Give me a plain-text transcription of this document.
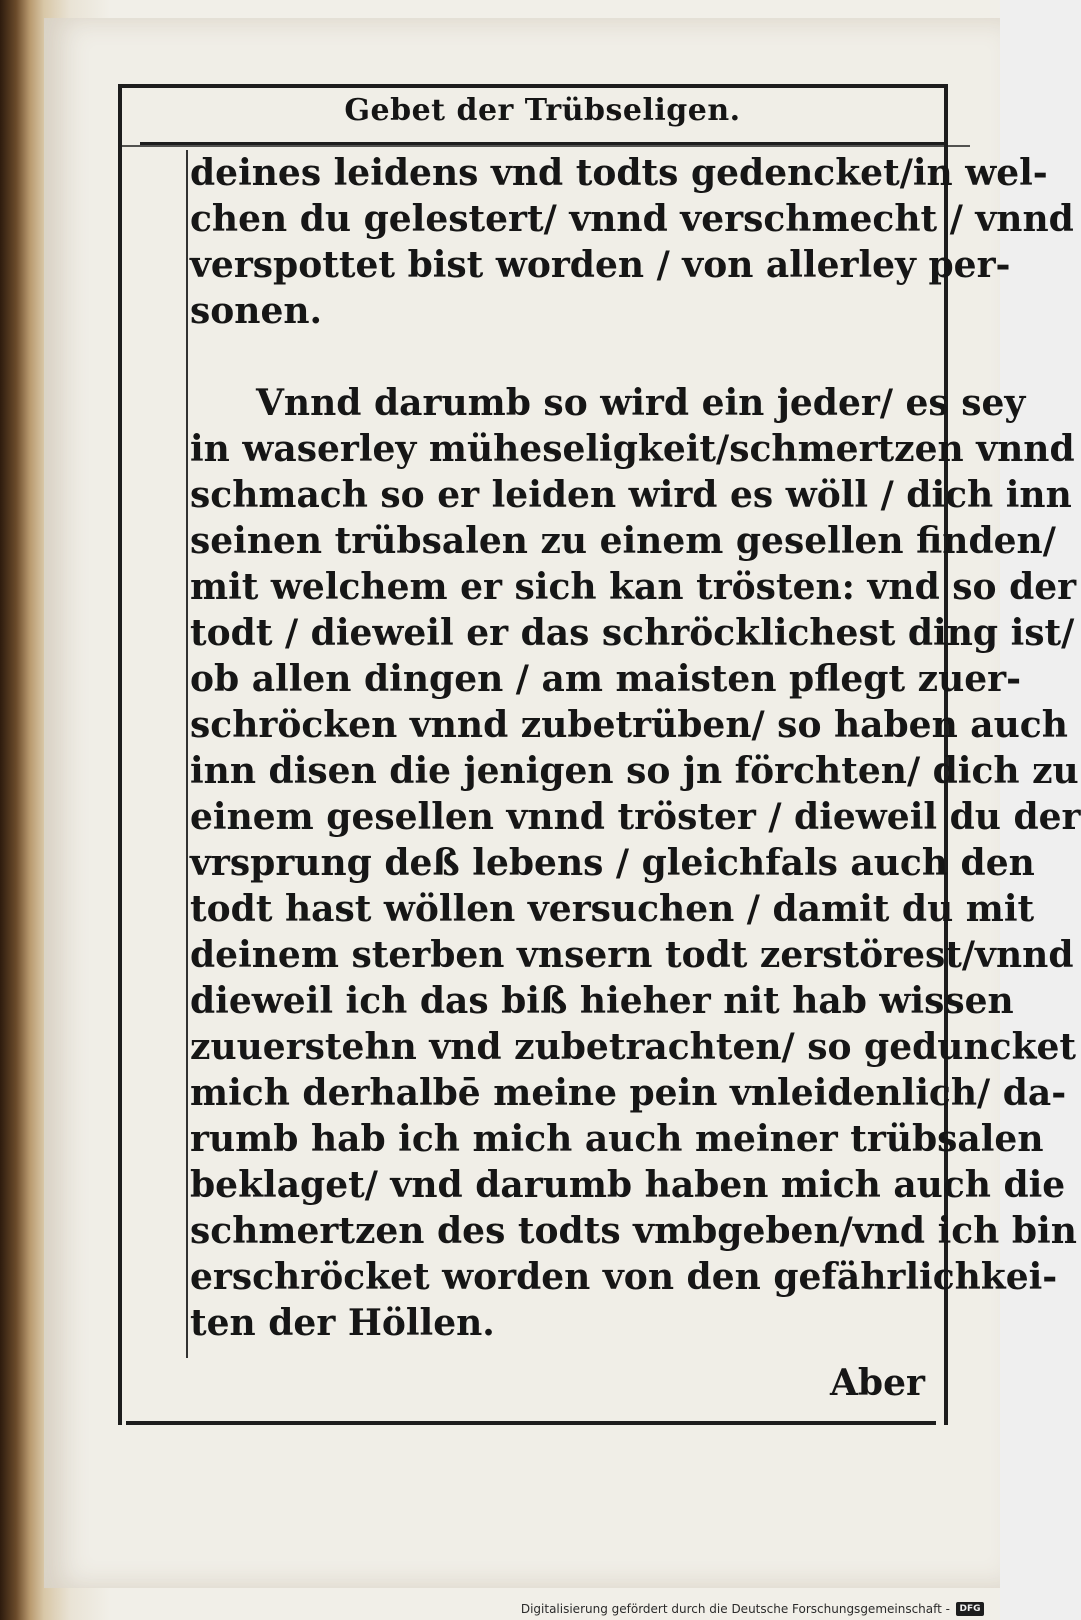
Gebet der Trübseligen.
deines leidens vnd todts gedencket/in wel-
chen du gelestert/ vnnd verschmecht / vnnd
verspottet bist worden / von allerley per-
sonen.
Vnnd darumb so wird ein jeder/ es sey
in waserley müheseligkeit/schmertzen vnnd
schmach so er leiden wird es wöll / dich inn
seinen trübsalen zu einem gesellen finden/
mit welchem er sich kan trösten: vnd so der
todt / dieweil er das schröcklichest ding ist/
ob allen dingen / am maisten pflegt zuer-
schröcken vnnd zubetrüben/ so haben auch
inn disen die jenigen so jn förchten/ dich zu
einem gesellen vnnd tröster / dieweil du der
vrsprung deß lebens / gleichfals auch den
todt hast wöllen versuchen / damit du mit
deinem sterben vnsern todt zerstörest/vnnd
dieweil ich das biß hieher nit hab wissen
zuuerstehn vnd zubetrachten/ so geduncket
mich derhalbē meine pein vnleidenlich/ da-
rumb hab ich mich auch meiner trübsalen
beklaget/ vnd darumb haben mich auch die
schmertzen des todts vmbgeben/vnd ich bin
erschröcket worden von den gefährlichkei-
ten der Höllen.
Aber
Digitalisierung gefördert durch die Deutsche Forschungsgemeinschaft -	DFG
